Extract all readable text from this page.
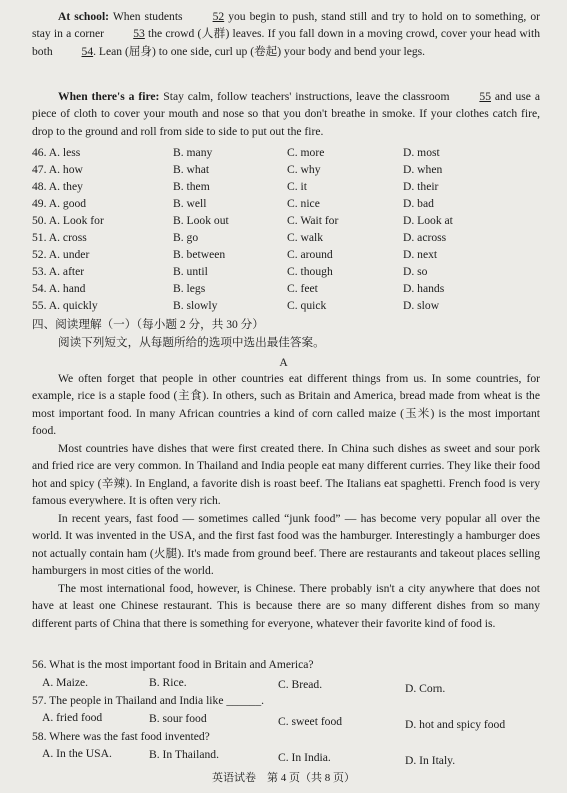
At school: When students 52 you begin to push, stand still and try to hold on to something, or stay in a corner 53 the crowd (人群) leaves. If you fall down in a moving crowd, cover your head with both 54. Lean (屈身) to one side, curl up (卷起) your body and bend your legs.

When there's a fire: Stay calm, follow teachers' instructions, leave the classroom 55 and use a piece of cloth to cover your mouth and nose so that you don't breathe in smoke. If your clothes catch fire, drop to the ground and roll from side to side to put out the fire.

46. A. less	B. many	C. more	D. most
47. A. how	B. what	C. why	D. when
48. A. they	B. them	C. it	D. their
49. A. good	B. well	C. nice	D. bad
50. A. Look for	B. Look out	C. Wait for	D. Look at
51. A. cross	B. go	C. walk	D. across
52. A. under	B. between	C. around	D. next
53. A. after	B. until	C. though	D. so
54. A. hand	B. legs	C. feet	D. hands
55. A. quickly	B. slowly	C. quick	D. slow
四、阅读理解（一）（每小题 2 分，共 30 分）
阅读下列短文，从每题所给的选项中选出最佳答案。
A

We often forget that people in other countries eat different things from us. In some countries, for example, rice is a staple food (主食). In others, such as Britain and America, bread made from wheat is the most important food. In many African countries a kind of corn called maize (玉米) is the most important food.

Most countries have dishes that were first created there. In China such dishes as sweet and sour pork and fried rice are very common. In Thailand and India people eat many different curries. They like their food hot and spicy (辛辣). In England, a favorite dish is roast beef. The Italians eat spaghetti. French food is very famous everywhere. It is often very rich.

In recent years, fast food — sometimes called “junk food” — has become very popular all over the world. It was invented in the USA, and the first fast food was the hamburger. Interestingly a hamburger does not actually contain ham (火腿). It's made from ground beef. There are restaurants and takeout places selling hamburgers in most cities of the world.

The most international food, however, is Chinese. There probably isn't a city anywhere that does not have at least one Chinese restaurant. This is because there are so many different dishes from so many different parts of China that there is something for everyone, whatever their favorite kind of food is.

56. What is the most important food in Britain and America?
A. Maize.	B. Rice.	C. Bread.	D. Corn.
57. The people in Thailand and India like ______.
A. fried food	B. sour food	C. sweet food	D. hot and spicy food
58. Where was the fast food invented?
A. In the USA.	B. In Thailand.	C. In India.	D. In Italy.
英语试卷　第 4 页（共 8 页）
